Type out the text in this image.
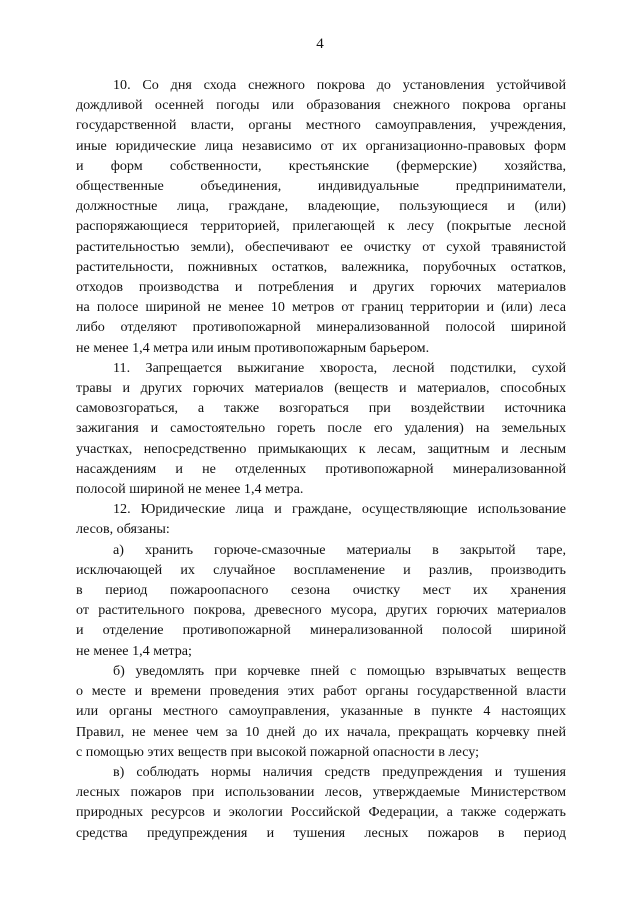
4
10. Со дня схода снежного покрова до установления устойчивой
дождливой осенней погоды или образования снежного покрова органы
государственной власти, органы местного самоуправления, учреждения,
иные юридические лица независимо от их организационно-правовых форм
и форм собственности, крестьянские (фермерские) хозяйства,
общественные объединения, индивидуальные предприниматели,
должностные лица, граждане, владеющие, пользующиеся и (или)
распоряжающиеся территорией, прилегающей к лесу (покрытые лесной
растительностью земли), обеспечивают ее очистку от сухой травянистой
растительности, пожнивных остатков, валежника, порубочных остатков,
отходов производства и потребления и других горючих материалов
на полосе шириной не менее 10 метров от границ территории и (или) леса
либо отделяют противопожарной минерализованной полосой шириной
не менее 1,4 метра или иным противопожарным барьером.
11. Запрещается выжигание хвороста, лесной подстилки, сухой
травы и других горючих материалов (веществ и материалов, способных
самовозгораться, а также возгораться при воздействии источника
зажигания и самостоятельно гореть после его удаления) на земельных
участках, непосредственно примыкающих к лесам, защитным и лесным
насаждениям и не отделенных противопожарной минерализованной
полосой шириной не менее 1,4 метра.
12. Юридические лица и граждане, осуществляющие использование
лесов, обязаны:
а) хранить горюче-смазочные материалы в закрытой таре,
исключающей их случайное воспламенение и разлив, производить
в период пожароопасного сезона очистку мест их хранения
от растительного покрова, древесного мусора, других горючих материалов
и отделение противопожарной минерализованной полосой шириной
не менее 1,4 метра;
б) уведомлять при корчевке пней с помощью взрывчатых веществ
о месте и времени проведения этих работ органы государственной власти
или органы местного самоуправления, указанные в пункте 4 настоящих
Правил, не менее чем за 10 дней до их начала, прекращать корчевку пней
с помощью этих веществ при высокой пожарной опасности в лесу;
в) соблюдать нормы наличия средств предупреждения и тушения
лесных пожаров при использовании лесов, утверждаемые Министерством
природных ресурсов и экологии Российской Федерации, а также содержать
средства предупреждения и тушения лесных пожаров в период
